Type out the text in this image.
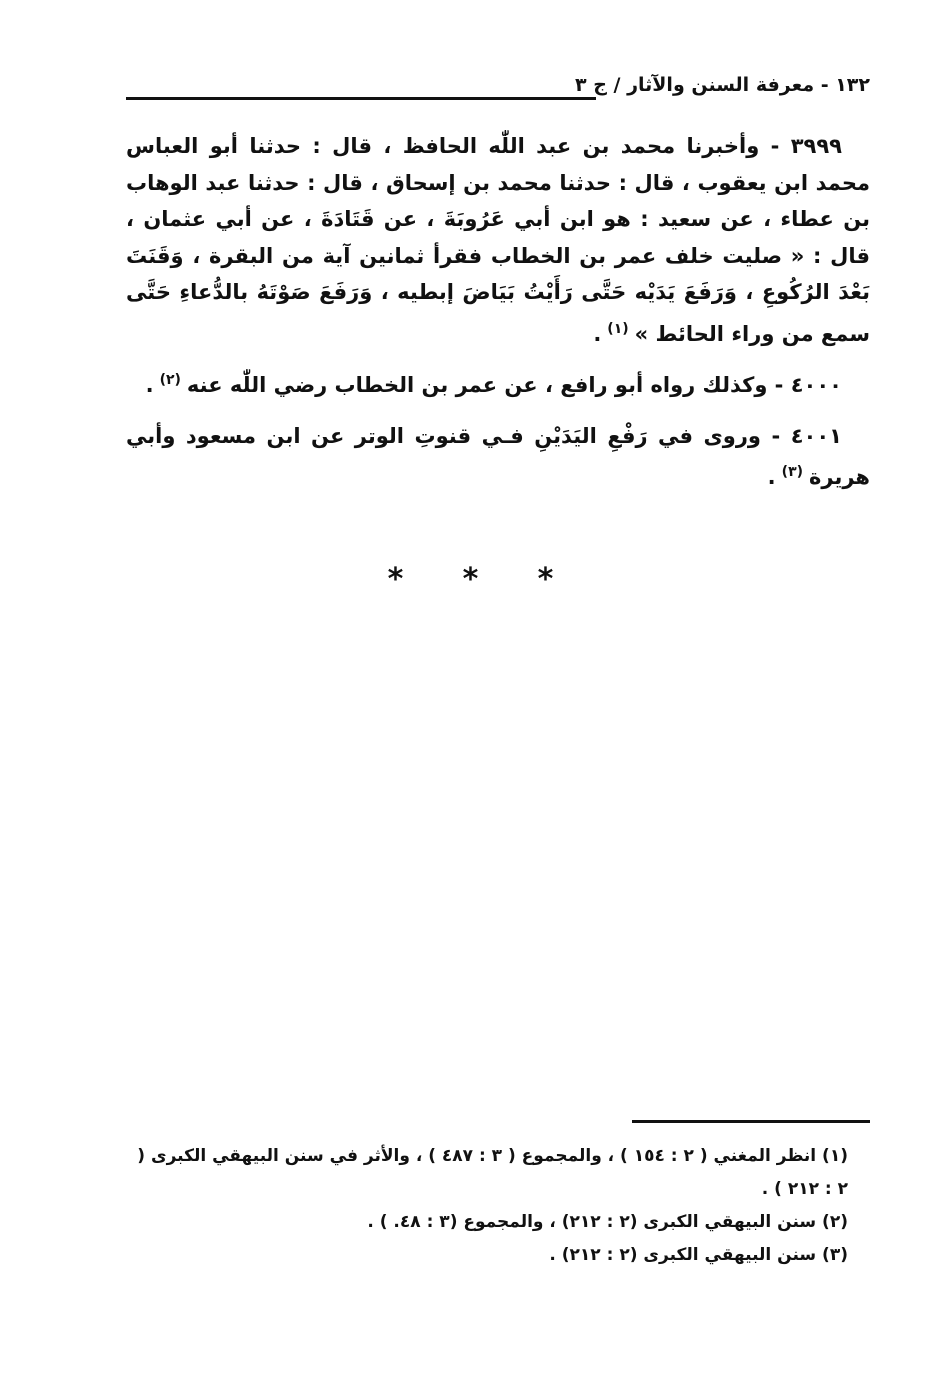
١٣٢ - معرفة السنن والآثار / ج ٣

٣٩٩٩ - وأخبرنا محمد بن عبد اللّٰه الحافظ ، قال : حدثنا أبو العباس محمد ابن يعقوب ، قال : حدثنا محمد بن إسحاق ، قال : حدثنا عبد الوهاب بن عطاء ، عن سعيد : هو ابن أبي عَرُوبَةَ ، عن قَتَادَةَ ، عن أبي عثمان ، قال : « صليت خلف عمر بن الخطاب فقرأ ثمانين آية من البقرة ، وَقَنَتَ بَعْدَ الرُكُوعِ ، وَرَفَعَ يَدَيْه حَتَّى رَأَيْتُ بَيَاضَ إبطيه ، وَرَفَعَ صَوْتَهُ بالدُّعاءِ حَتَّى سمع من وراء الحائط »$^{(١)}$.

٤٠٠٠ - وكذلك رواه أبو رافع ، عن عمر بن الخطاب رضي اللّٰه عنه$^{(٢)}$.

٤٠٠١ - وروى في رَفْعِ اليَدَيْنِ فـي قنوتِ الوتر عن ابن مسعود وأبي هريرة$^{(٣)}$.

* * *

(١) انظر المغني ( ٢ : ١٥٤ ) ، والمجموع ( ٣ : ٤٨٧ ) ، والأثر في سنن البيهقي الكبرى ( ٢ : ٢١٢ ) .

(٢) سنن البيهقي الكبرى (٢ : ٢١٢) ، والمجموع (٣ : ٤٨. ) .

(٣) سنن البيهقي الكبرى (٢ : ٢١٢) .
